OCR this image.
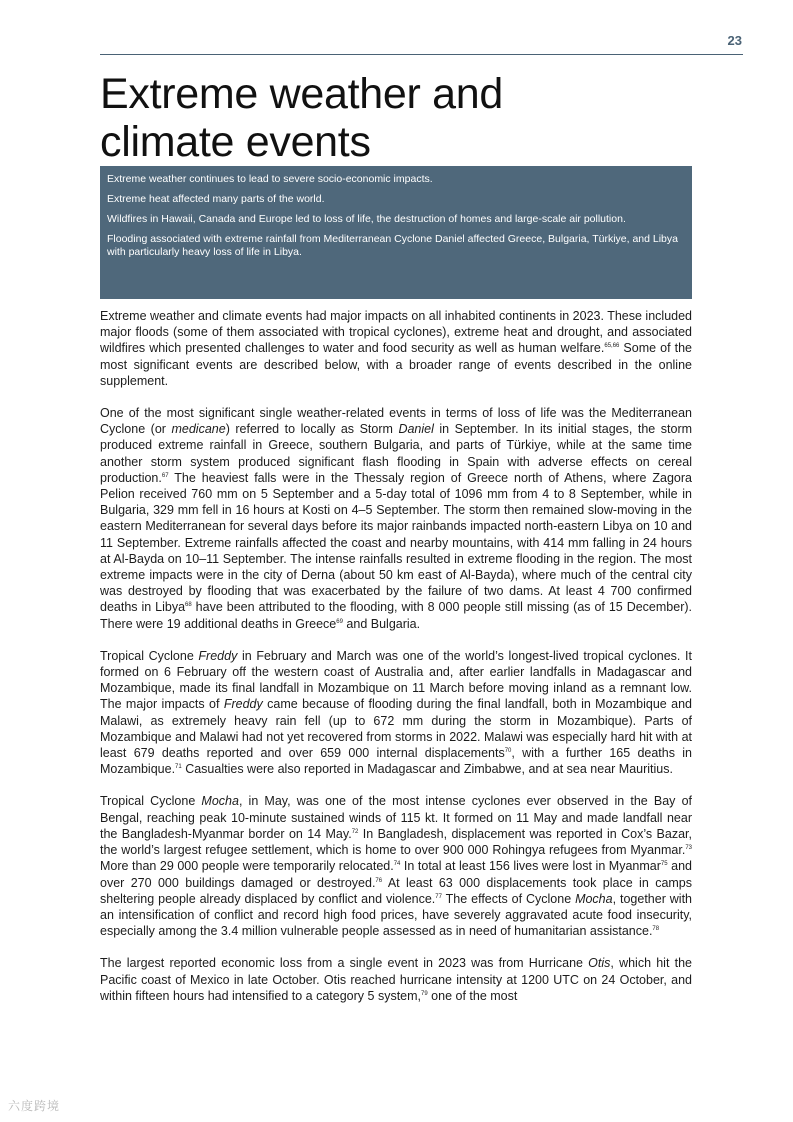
23
Extreme weather and
climate events

Extreme weather continues to lead to severe socio-economic impacts.

Extreme heat affected many parts of the world.

Wildfires in Hawaii, Canada and Europe led to loss of life, the destruction of homes and large-scale air pollution.

Flooding associated with extreme rainfall from Mediterranean Cyclone Daniel affected Greece, Bulgaria, Türkiye, and Libya with particularly heavy loss of life in Libya.

Extreme weather and climate events had major impacts on all inhabited continents in 2023. These included major floods (some of them associated with tropical cyclones), extreme heat and drought, and associated wildfires which presented challenges to water and food security as well as human welfare.$^{65,66}$ Some of the most significant events are described below, with a broader range of events described in the online supplement.

One of the most significant single weather-related events in terms of loss of life was the Mediterranean Cyclone (or medicane) referred to locally as Storm Daniel in September. In its initial stages, the storm produced extreme rainfall in Greece, southern Bulgaria, and parts of Türkiye, while at the same time another storm system produced significant flash flooding in Spain with adverse effects on cereal production.$^{67}$ The heaviest falls were in the Thessaly region of Greece north of Athens, where Zagora Pelion received 760 mm on 5 September and a 5-day total of 1096 mm from 4 to 8 September, while in Bulgaria, 329 mm fell in 16 hours at Kosti on 4–5 September. The storm then remained slow-moving in the eastern Mediterranean for several days before its major rainbands impacted north-eastern Libya on 10 and 11 September. Extreme rainfalls affected the coast and nearby mountains, with 414 mm falling in 24 hours at Al-Bayda on 10–11 September. The intense rainfalls resulted in extreme flooding in the region. The most extreme impacts were in the city of Derna (about 50 km east of Al-Bayda), where much of the central city was destroyed by flooding that was exacerbated by the failure of two dams. At least 4 700 confirmed deaths in Libya$^{68}$ have been attributed to the flooding, with 8 000 people still missing (as of 15 December). There were 19 additional deaths in Greece$^{69}$ and Bulgaria.

Tropical Cyclone Freddy in February and March was one of the world’s longest-lived tropical cyclones. It formed on 6 February off the western coast of Australia and, after earlier landfalls in Madagascar and Mozambique, made its final landfall in Mozambique on 11 March before moving inland as a remnant low. The major impacts of Freddy came because of flooding during the final landfall, both in Mozambique and Malawi, as extremely heavy rain fell (up to 672 mm during the storm in Mozambique). Parts of Mozambique and Malawi had not yet recovered from storms in 2022. Malawi was especially hard hit with at least 679 deaths reported and over 659 000 internal displacements$^{70}$, with a further 165 deaths in Mozambique.$^{71}$ Casualties were also reported in Madagascar and Zimbabwe, and at sea near Mauritius.

Tropical Cyclone Mocha, in May, was one of the most intense cyclones ever observed in the Bay of Bengal, reaching peak 10-minute sustained winds of 115 kt. It formed on 11 May and made landfall near the Bangladesh-Myanmar border on 14 May.$^{72}$ In Bangladesh, displacement was reported in Cox’s Bazar, the world’s largest refugee settlement, which is home to over 900 000 Rohingya refugees from Myanmar.$^{73}$ More than 29 000 people were temporarily relocated.$^{74}$ In total at least 156 lives were lost in Myanmar$^{75}$ and over 270 000 buildings damaged or destroyed.$^{76}$ At least 63 000 displacements took place in camps sheltering people already displaced by conflict and violence.$^{77}$ The effects of Cyclone Mocha, together with an intensification of conflict and record high food prices, have severely aggravated acute food insecurity, especially among the 3.4 million vulnerable people assessed as in need of humanitarian assistance.$^{78}$

The largest reported economic loss from a single event in 2023 was from Hurricane Otis, which hit the Pacific coast of Mexico in late October. Otis reached hurricane intensity at 1200 UTC on 24 October, and within fifteen hours had intensified to a category 5 system,$^{79}$ one of the most

六度跨境
